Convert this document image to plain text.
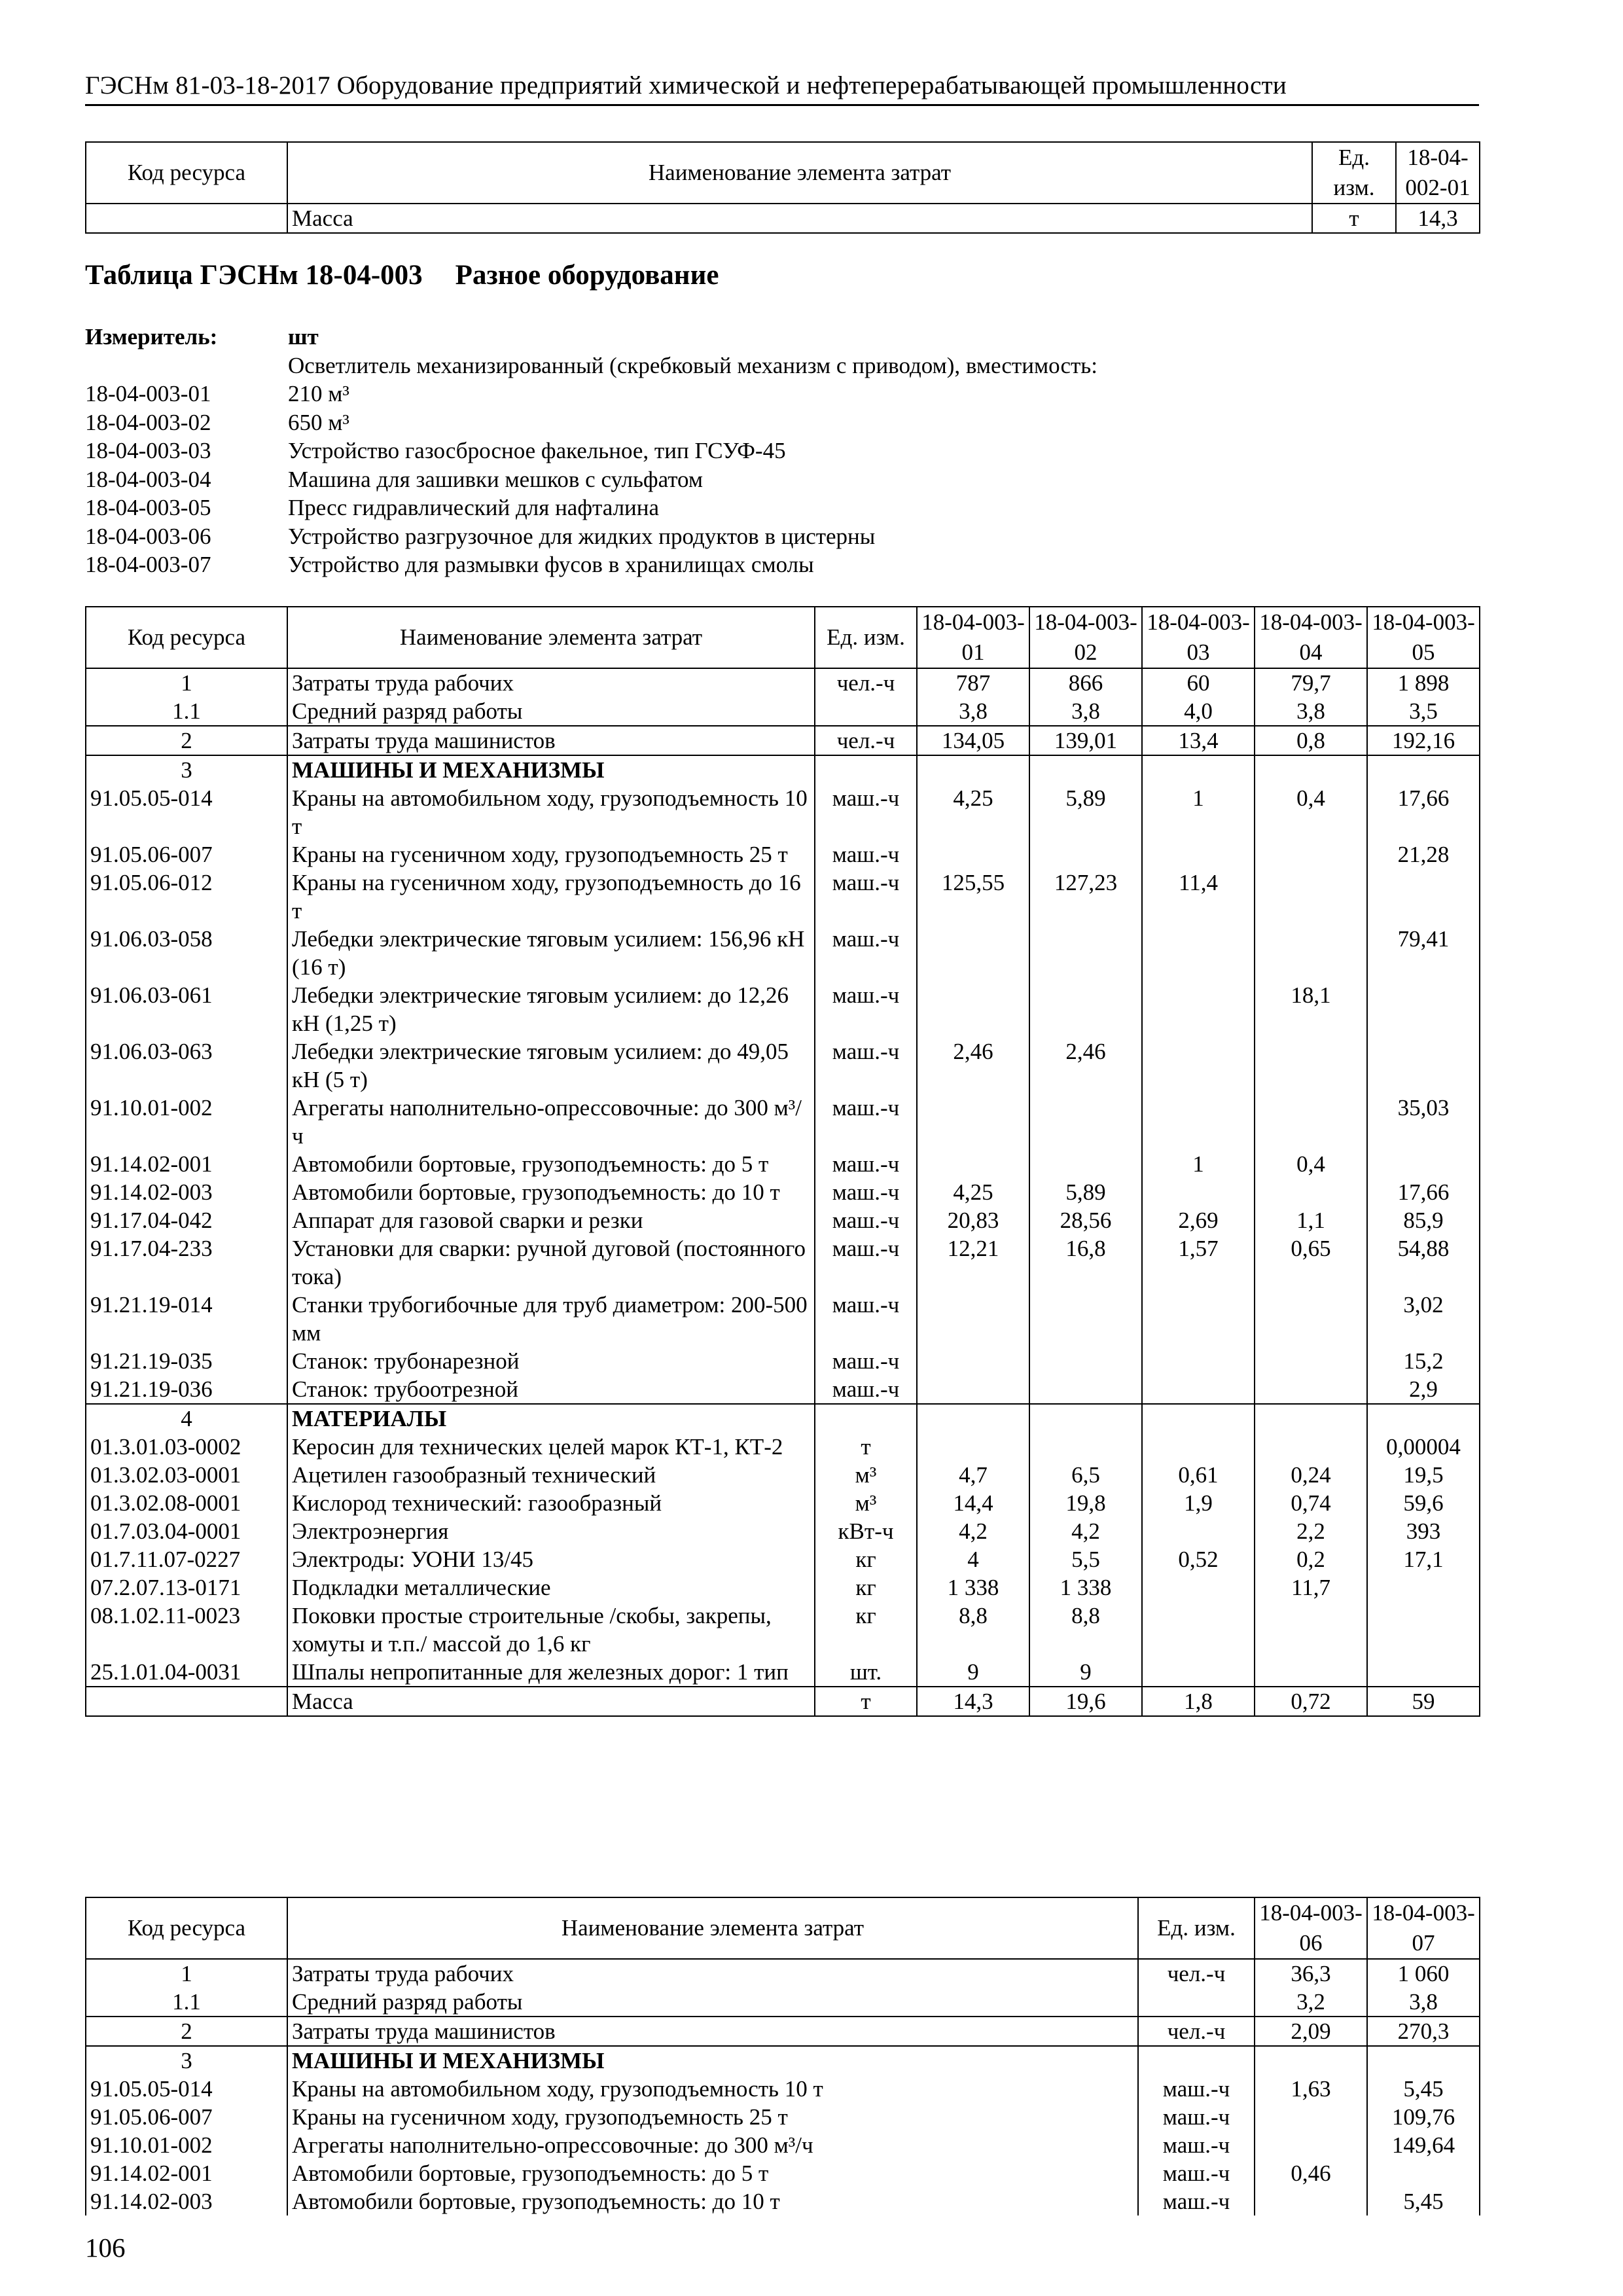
ГЭСНм 81-03-18-2017 Оборудование предприятий химической и нефтеперерабатывающей промышленности
Код ресурса	Наименование элемента затрат	Ед. изм.	18-04-002-01
	Масса	т	14,3
Таблица ГЭСНм 18-04-003 Разное оборудование
Измеритель:	шт
Осветлитель механизированный (скребковый механизм с приводом), вместимость:
18-04-003-01	210 м³
18-04-003-02	650 м³
18-04-003-03	Устройство газосбросное факельное, тип ГСУФ-45
18-04-003-04	Машина для зашивки мешков с сульфатом
18-04-003-05	Пресс гидравлический для нафталина
18-04-003-06	Устройство разгрузочное для жидких продуктов в цистерны
18-04-003-07	Устройство для размывки фусов в хранилищах смолы
Код ресурса	Наименование элемента затрат	Ед. изм.	18-04-003-01	18-04-003-02	18-04-003-03	18-04-003-04	18-04-003-05
1	Затраты труда рабочих	чел.-ч	787	866	60	79,7	1 898
1.1	Средний разряд работы		3,8	3,8	4,0	3,8	3,5
2	Затраты труда машинистов	чел.-ч	134,05	139,01	13,4	0,8	192,16
3	МАШИНЫ И МЕХАНИЗМЫ						
91.05.05-014	Краны на автомобильном ходу, грузоподъемность 10 т	маш.-ч	4,25	5,89	1	0,4	17,66
91.05.06-007	Краны на гусеничном ходу, грузоподъемность 25 т	маш.-ч					21,28
91.05.06-012	Краны на гусеничном ходу, грузоподъемность до 16 т	маш.-ч	125,55	127,23	11,4		
91.06.03-058	Лебедки электрические тяговым усилием: 156,96 кН (16 т)	маш.-ч					79,41
91.06.03-061	Лебедки электрические тяговым усилием: до 12,26 кН (1,25 т)	маш.-ч				18,1	
91.06.03-063	Лебедки электрические тяговым усилием: до 49,05 кН (5 т)	маш.-ч	2,46	2,46			
91.10.01-002	Агрегаты наполнительно-опрессовочные: до 300 м³/ч	маш.-ч					35,03
91.14.02-001	Автомобили бортовые, грузоподъемность: до 5 т	маш.-ч			1	0,4	
91.14.02-003	Автомобили бортовые, грузоподъемность: до 10 т	маш.-ч	4,25	5,89			17,66
91.17.04-042	Аппарат для газовой сварки и резки	маш.-ч	20,83	28,56	2,69	1,1	85,9
91.17.04-233	Установки для сварки: ручной дуговой (постоянного тока)	маш.-ч	12,21	16,8	1,57	0,65	54,88
91.21.19-014	Станки трубогибочные для труб диаметром: 200-500 мм	маш.-ч					3,02
91.21.19-035	Станок: трубонарезной	маш.-ч					15,2
91.21.19-036	Станок: трубоотрезной	маш.-ч					2,9
4	МАТЕРИАЛЫ						
01.3.01.03-0002	Керосин для технических целей марок КТ-1, КТ-2	т					0,00004
01.3.02.03-0001	Ацетилен газообразный технический	м³	4,7	6,5	0,61	0,24	19,5
01.3.02.08-0001	Кислород технический: газообразный	м³	14,4	19,8	1,9	0,74	59,6
01.7.03.04-0001	Электроэнергия	кВт-ч	4,2	4,2		2,2	393
01.7.11.07-0227	Электроды: УОНИ 13/45	кг	4	5,5	0,52	0,2	17,1
07.2.07.13-0171	Подкладки металлические	кг	1 338	1 338		11,7	
08.1.02.11-0023	Поковки простые строительные /скобы, закрепы, хомуты и т.п./ массой до 1,6 кг	кг	8,8	8,8			
25.1.01.04-0031	Шпалы непропитанные для железных дорог: 1 тип	шт.	9	9			
	Масса	т	14,3	19,6	1,8	0,72	59
Код ресурса	Наименование элемента затрат	Ед. изм.	18-04-003-06	18-04-003-07
1	Затраты труда рабочих	чел.-ч	36,3	1 060
1.1	Средний разряд работы		3,2	3,8
2	Затраты труда машинистов	чел.-ч	2,09	270,3
3	МАШИНЫ И МЕХАНИЗМЫ			
91.05.05-014	Краны на автомобильном ходу, грузоподъемность 10 т	маш.-ч	1,63	5,45
91.05.06-007	Краны на гусеничном ходу, грузоподъемность 25 т	маш.-ч		109,76
91.10.01-002	Агрегаты наполнительно-опрессовочные: до 300 м³/ч	маш.-ч		149,64
91.14.02-001	Автомобили бортовые, грузоподъемность: до 5 т	маш.-ч	0,46	
91.14.02-003	Автомобили бортовые, грузоподъемность: до 10 т	маш.-ч		5,45
106
